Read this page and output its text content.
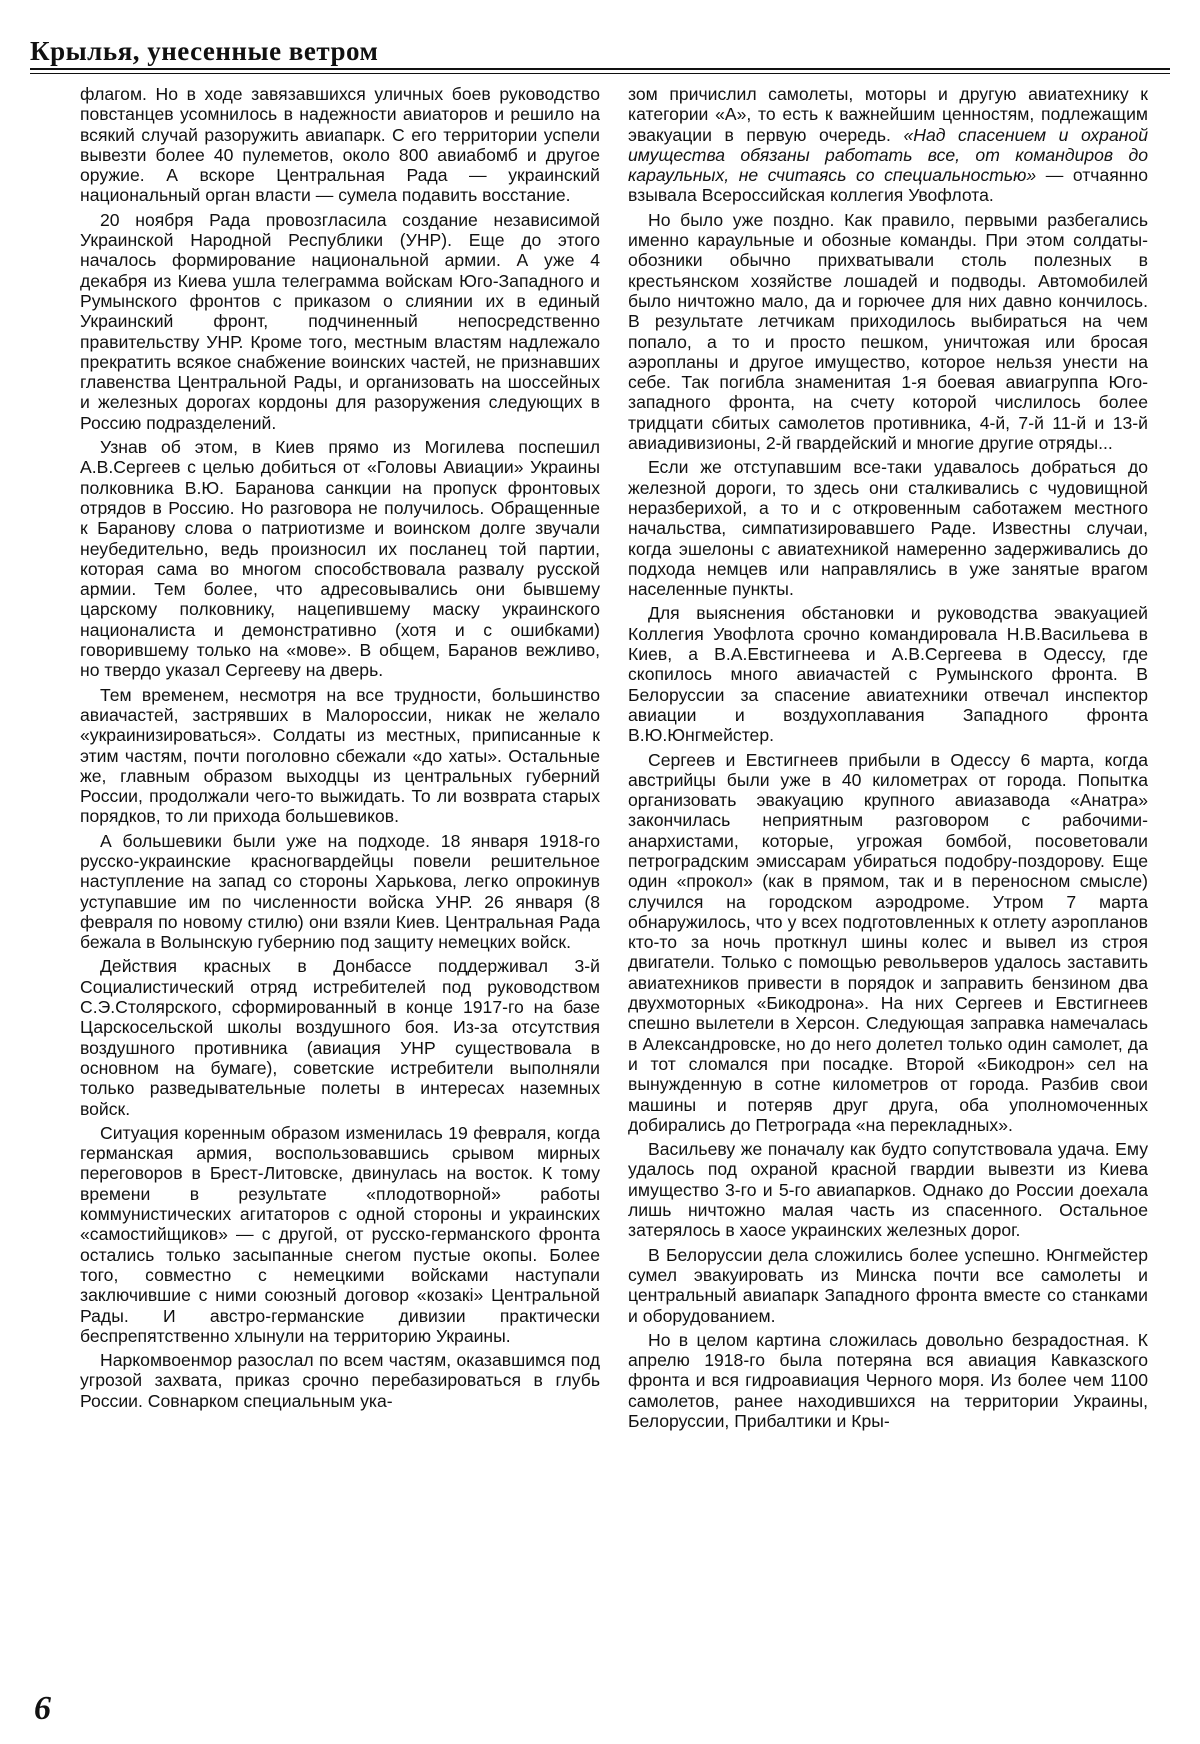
Крылья, унесенные ветром

флагом. Но в ходе завязавшихся уличных боев руководство повстанцев усомнилось в надежности авиаторов и решило на всякий случай разоружить авиапарк. С его территории успели вывезти более 40 пулеметов, около 800 авиабомб и другое оружие. А вскоре Центральная Рада — украинский национальный орган власти — сумела подавить восстание.

20 ноября Рада провозгласила создание независимой Украинской Народной Республики (УНР). Еще до этого началось формирование национальной армии. А уже 4 декабря из Киева ушла телеграмма войскам Юго-Западного и Румынского фронтов с приказом о слиянии их в единый Украинский фронт, подчиненный непосредственно правительству УНР. Кроме того, местным властям надлежало прекратить всякое снабжение воинских частей, не признавших главенства Центральной Рады, и организовать на шоссейных и железных дорогах кордоны для разоружения следующих в Россию подразделений.

Узнав об этом, в Киев прямо из Могилева поспешил А.В.Сергеев с целью добиться от «Головы Авиации» Украины полковника В.Ю. Баранова санкции на пропуск фронтовых отрядов в Россию. Но разговора не получилось. Обращенные к Баранову слова о патриотизме и воинском долге звучали неубедительно, ведь произносил их посланец той партии, которая сама во многом способствовала развалу русской армии. Тем более, что адресовывались они бывшему царскому полковнику, нацепившему маску украинского националиста и демонстративно (хотя и с ошибками) говорившему только на «мове». В общем, Баранов вежливо, но твердо указал Сергееву на дверь.

Тем временем, несмотря на все трудности, большинство авиачастей, застрявших в Малороссии, никак не желало «украинизироваться». Солдаты из местных, приписанные к этим частям, почти поголовно сбежали «до хаты». Остальные же, главным образом выходцы из центральных губерний России, продолжали чего-то выжидать. То ли возврата старых порядков, то ли прихода большевиков.

А большевики были уже на подходе. 18 января 1918-го русско-украинские красногвардейцы повели решительное наступление на запад со стороны Харькова, легко опрокинув уступавшие им по численности войска УНР. 26 января (8 февраля по новому стилю) они взяли Киев. Центральная Рада бежала в Волынскую губернию под защиту немецких войск.

Действия красных в Донбассе поддерживал 3-й Социалистический отряд истребителей под руководством С.Э.Столярского, сформированный в конце 1917-го на базе Царскосельской школы воздушного боя. Из-за отсутствия воздушного противника (авиация УНР существовала в основном на бумаге), советские истребители выполняли только разведывательные полеты в интересах наземных войск.

Ситуация коренным образом изменилась 19 февраля, когда германская армия, воспользовавшись срывом мирных переговоров в Брест-Литовске, двинулась на восток. К тому времени в результате «плодотворной» работы коммунистических агитаторов с одной стороны и украинских «самостийщиков» — с другой, от русско-германского фронта остались только засыпанные снегом пустые окопы. Более того, совместно с немецкими войсками наступали заключившие с ними союзный договор «козакі» Центральной Рады. И австро-германские дивизии практически беспрепятственно хлынули на территорию Украины.

Наркомвоенмор разослал по всем частям, оказавшимся под угрозой захвата, приказ срочно перебазироваться в глубь России. Совнарком специальным ука-

зом причислил самолеты, моторы и другую авиатехнику к категории «А», то есть к важнейшим ценностям, подлежащим эвакуации в первую очередь. «Над спасением и охраной имущества обязаны работать все, от командиров до караульных, не считаясь со специальностью» — отчаянно взывала Всероссийская коллегия Увофлота.

Но было уже поздно. Как правило, первыми разбегались именно караульные и обозные команды. При этом солдаты-обозники обычно прихватывали столь полезных в крестьянском хозяйстве лошадей и подводы. Автомобилей было ничтожно мало, да и горючее для них давно кончилось. В результате летчикам приходилось выбираться на чем попало, а то и просто пешком, уничтожая или бросая аэропланы и другое имущество, которое нельзя унести на себе. Так погибла знаменитая 1-я боевая авиагруппа Юго-западного фронта, на счету которой числилось более тридцати сбитых самолетов противника, 4-й, 7-й 11-й и 13-й авиадивизионы, 2-й гвардейский и многие другие отряды...

Если же отступавшим все-таки удавалось добраться до железной дороги, то здесь они сталкивались с чудовищной неразберихой, а то и с откровенным саботажем местного начальства, симпатизировавшего Раде. Известны случаи, когда эшелоны с авиатехникой намеренно задерживались до подхода немцев или направлялись в уже занятые врагом населенные пункты.

Для выяснения обстановки и руководства эвакуацией Коллегия Увофлота срочно командировала Н.В.Васильева в Киев, а В.А.Евстигнеева и А.В.Сергеева в Одессу, где скопилось много авиачастей с Румынского фронта. В Белоруссии за спасение авиатехники отвечал инспектор авиации и воздухоплавания Западного фронта В.Ю.Юнгмейстер.

Сергеев и Евстигнеев прибыли в Одессу 6 марта, когда австрийцы были уже в 40 километрах от города. Попытка организовать эвакуацию крупного авиазавода «Анатра» закончилась неприятным разговором с рабочими-анархистами, которые, угрожая бомбой, посоветовали петроградским эмиссарам убираться подобру-поздорову. Еще один «прокол» (как в прямом, так и в переносном смысле) случился на городском аэродроме. Утром 7 марта обнаружилось, что у всех подготовленных к отлету аэропланов кто-то за ночь проткнул шины колес и вывел из строя двигатели. Только с помощью револьверов удалось заставить авиатехников привести в порядок и заправить бензином два двухмоторных «Бикодрона». На них Сергеев и Евстигнеев спешно вылетели в Херсон. Следующая заправка намечалась в Александровске, но до него долетел только один самолет, да и тот сломался при посадке. Второй «Бикодрон» сел на вынужденную в сотне километров от города. Разбив свои машины и потеряв друг друга, оба уполномоченных добирались до Петрограда «на перекладных».

Васильеву же поначалу как будто сопутствовала удача. Ему удалось под охраной красной гвардии вывезти из Киева имущество 3-го и 5-го авиапарков. Однако до России доехала лишь ничтожно малая часть из спасенного. Остальное затерялось в хаосе украинских железных дорог.

В Белоруссии дела сложились более успешно. Юнгмейстер сумел эвакуировать из Минска почти все самолеты и центральный авиапарк Западного фронта вместе со станками и оборудованием.

Но в целом картина сложилась довольно безрадостная. К апрелю 1918-го была потеряна вся авиация Кавказского фронта и вся гидроавиация Черного моря. Из более чем 1100 самолетов, ранее находившихся на территории Украины, Белоруссии, Прибалтики и Кры-

6
